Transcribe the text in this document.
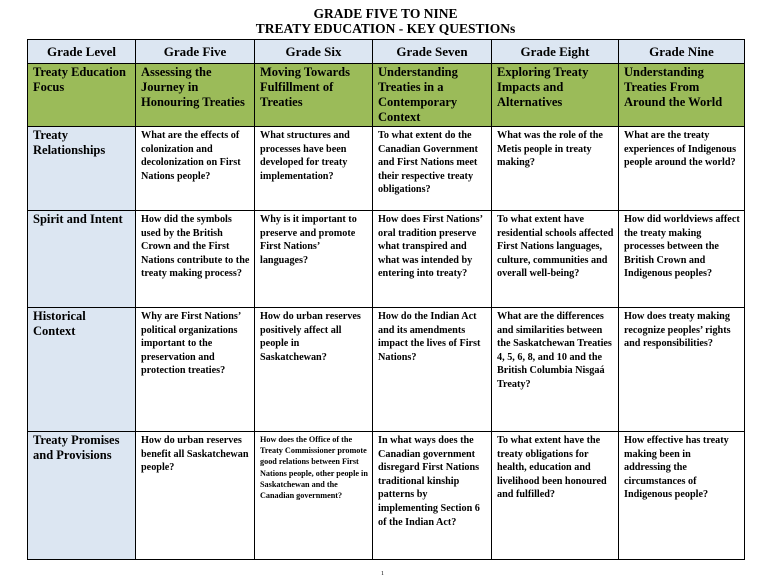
GRADE FIVE TO NINE
TREATY EDUCATION - KEY QUESTIONs
Grade Level	Grade Five	Grade Six	Grade Seven	Grade Eight	Grade Nine
Treaty Education Focus	Assessing the Journey in Honouring Treaties	Moving Towards Fulfillment of Treaties	Understanding Treaties in a Contemporary Context	Exploring Treaty Impacts and Alternatives	Understanding Treaties From Around the World
Treaty Relationships	What are the effects of colonization and decolonization on First Nations people?	What structures and processes have been developed for treaty implementation?	To what extent do the Canadian Government and First Nations meet their respective treaty obligations?	What was the role of the Metis people in treaty making?	What are the treaty experiences of Indigenous people around the world?
Spirit and Intent	How did the symbols used by the British Crown and the First Nations contribute to the treaty making process?	Why is it important to preserve and promote First Nations’ languages?	How does First Nations’ oral tradition preserve what transpired and what was intended by entering into treaty?	To what extent have residential schools affected First Nations languages, culture, communities and overall well-being?	How did worldviews affect the treaty making processes between the British Crown and Indigenous peoples?
Historical Context	Why are First Nations’ political organizations important to the preservation and protection treaties?	How do urban reserves positively affect all people in Saskatchewan?	How do the Indian Act and its amendments impact the lives of First Nations?	What are the differences and similarities between the Saskatchewan Treaties 4, 5, 6, 8, and 10 and the British Columbia Nisgaá Treaty?	How does treaty making recognize peoples’ rights and responsibilities?
Treaty Promises and Provisions	How do urban reserves benefit all Saskatchewan people?	How does the Office of the Treaty Commissioner promote good relations between First Nations people, other people in Saskatchewan and the Canadian government?	In what ways does the Canadian government disregard First Nations traditional kinship patterns by implementing Section 6 of the Indian Act?	To what extent have the treaty obligations for health, education and livelihood been honoured and fulfilled?	How effective has treaty making been in addressing the circumstances of Indigenous people?
1
